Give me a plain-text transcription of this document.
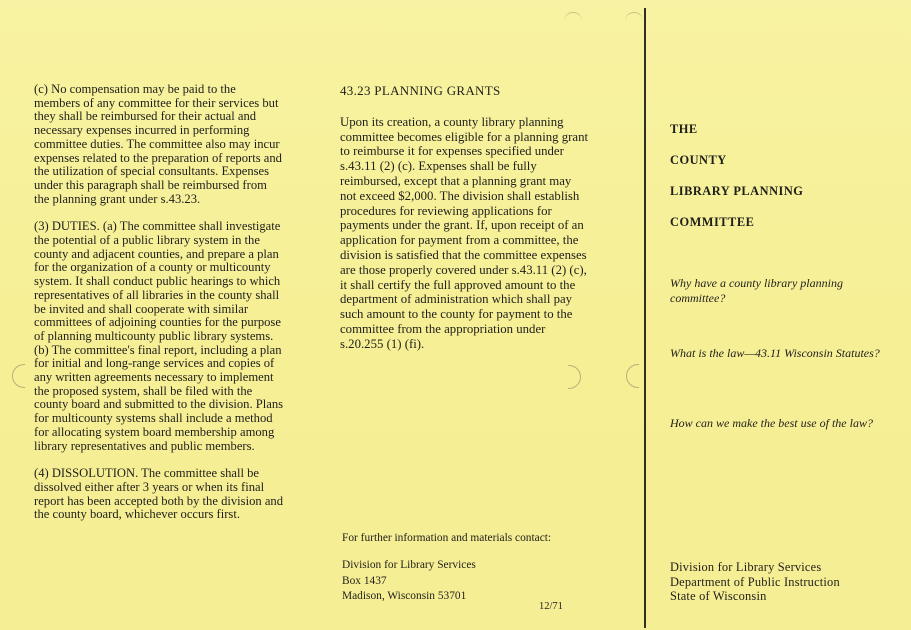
(c) No compensation may be paid to the members of any committee for their services but they shall be reimbursed for their actual and necessary expenses incurred in performing committee duties. The committee also may incur expenses related to the preparation of reports and the utilization of special consultants. Expenses under this paragraph shall be reimbursed from the planning grant under s.43.23.

(3) DUTIES. (a) The committee shall investigate the potential of a public library system in the county and adjacent counties, and prepare a plan for the organization of a county or multicounty system. It shall conduct public hearings to which representatives of all libraries in the county shall be invited and shall cooperate with similar committees of adjoining counties for the purpose of planning multicounty public library systems.

(b) The committee's final report, including a plan for initial and long-range services and copies of any written agreements necessary to implement the proposed system, shall be filed with the county board and submitted to the division. Plans for multicounty systems shall include a method for allocating system board membership among library representatives and public members.

(4) DISSOLUTION. The committee shall be dissolved either after 3 years or when its final report has been accepted both by the division and the county board, whichever occurs first.

43.23 PLANNING GRANTS

Upon its creation, a county library planning committee becomes eligible for a planning grant to reimburse it for expenses specified under s.43.11 (2) (c). Expenses shall be fully reimbursed, except that a planning grant may not exceed $2,000. The division shall establish procedures for reviewing applications for payments under the grant. If, upon receipt of an application for payment from a committee, the division is satisfied that the committee expenses are those properly covered under s.43.11 (2) (c), it shall certify the full approved amount to the department of administration which shall pay such amount to the county for payment to the committee from the appropriation under s.20.255 (1) (fi).

For further information and materials contact:
Division for Library Services
Box 1437
Madison, Wisconsin 53701
12/71
THE
COUNTY
LIBRARY PLANNING
COMMITTEE
Why have a county library planning committee?
What is the law—43.11 Wisconsin Statutes?
How can we make the best use of the law?
Division for Library Services
Department of Public Instruction
State of Wisconsin
